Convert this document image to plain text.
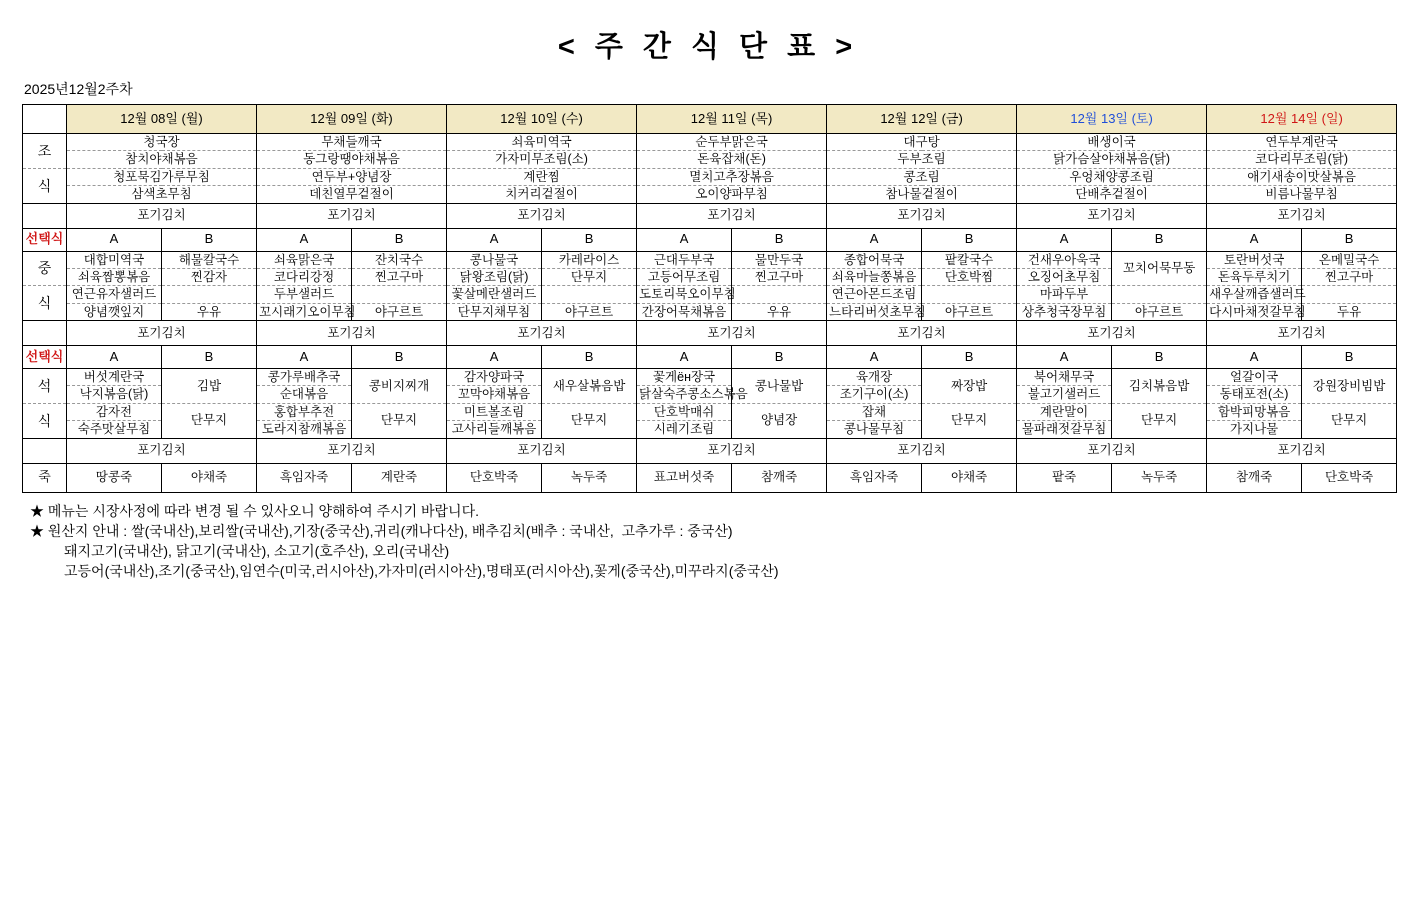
< 주 간 식 단 표 >
2025년12월2주차
	12월 08일 (월)		12월 09일 (화)		12월 10일 (수)		12월 11일 (목)		12월 12일 (금)		12월 13일 (토)		12월 14일 (일)	
조	청국장		무채들깨국		쇠육미역국		순두부맑은국		대구탕		배생이국		연두부계란국	
	참치야채볶음		동그랑땡야채볶음		가자미무조림(소)		돈육잡채(돈)		두부조림		닭가슴살야채볶음(닭)		코다리무조림(닭)	
식	청포묵김가루무침		연두부+양념장		계란찜		멸치고추장볶음		콩조림		우엉채양콩조림		애기새송이맛살볶음	
	삼색초무침		데친열무겉절이		치커리겉절이		오이양파무침		참나물겉절이		단배추겉절이		비름나물무침	
	포기김치		포기김치		포기김치		포기김치		포기김치		포기김치		포기김치	
선택식	A	B	A	B	A	B	A	B	A	B	A	B	A	B
중	대합미역국	해물칼국수	쇠육맑은국	잔치국수	콩나물국	카레라이스	근대두부국	물만두국	종합어묵국	팥칼국수	건새우아욱국	꼬치어묵무동	토란버섯국	온메밀국수
	쇠육짬뽕볶음	찐감자	코다리강정	찐고구마	닭왕조림(닭)	단무지	고등어무조림	찐고구마	쇠육마늘쫑볶음	단호박찜	오징어초무침		돈육두루치기	찐고구마
식	연근유자샐러드		두부샐러드		꽃살메란샐러드		도토리묵오이무침		연근아몬드조림		마파두부		새우살깨즙샐러드	
	양념깻잎지	우유	꼬시래기오이무침	야구르트	단무지채무침	야구르트	간장어묵채볶음	우유	느타리버섯초무침	야구르트	상추청국장무침	야구르트	다시마채젓갈무침	두유
	포기김치		포기김치		포기김치		포기김치		포기김치		포기김치		포기김치	
선택식	A	B	A	B	A	B	A	B	A	B	A	B	A	B
석	버섯계란국	김밥	콩가루배추국	콩비지찌개	감자양파국	새우살볶음밥	꽃게ён장국	콩나물밥	육개장	짜장밥	북어채무국	김치볶음밥	얼갈이국	강원장비빔밥
	낙지볶음(닭)		순대볶음		꼬막야채볶음		닭살숙주콩소스볶음		조기구이(소)		불고기샐러드		동태포전(소)	
식	감자전	단무지	홍합부추전	단무지	미트볼조림	단무지	단호박매쉬	양념장	잡채	단무지	계란말이	단무지	함박피망볶음	단무지
	숙주맛살무침		도라지참깨볶음		고사리들깨볶음		시레기조림		콩나물무침		물파래젓갈무침		가지나물	
	포기김치		포기김치		포기김치		포기김치		포기김치		포기김치		포기김치	
죽	땅콩죽	야채죽	흑임자죽	계란죽	단호박죽	녹두죽	표고버섯죽	참깨죽	흑임자죽	야채죽	팥죽	녹두죽	참깨죽	단호박죽
★ 메뉴는 시장사정에 따라 변경 될 수 있사오니 양해하여 주시기 바랍니다.
★ 원산지 안내 : 쌀(국내산),보리쌀(국내산),기장(중국산),귀리(캐나다산), 배추김치(배추 : 국내산,  고추가루 : 중국산)
돼지고기(국내산), 닭고기(국내산), 소고기(호주산), 오리(국내산)
고등어(국내산),조기(중국산),임연수(미국,러시아산),가자미(러시아산),명태포(러시아산),꽃게(중국산),미꾸라지(중국산)
